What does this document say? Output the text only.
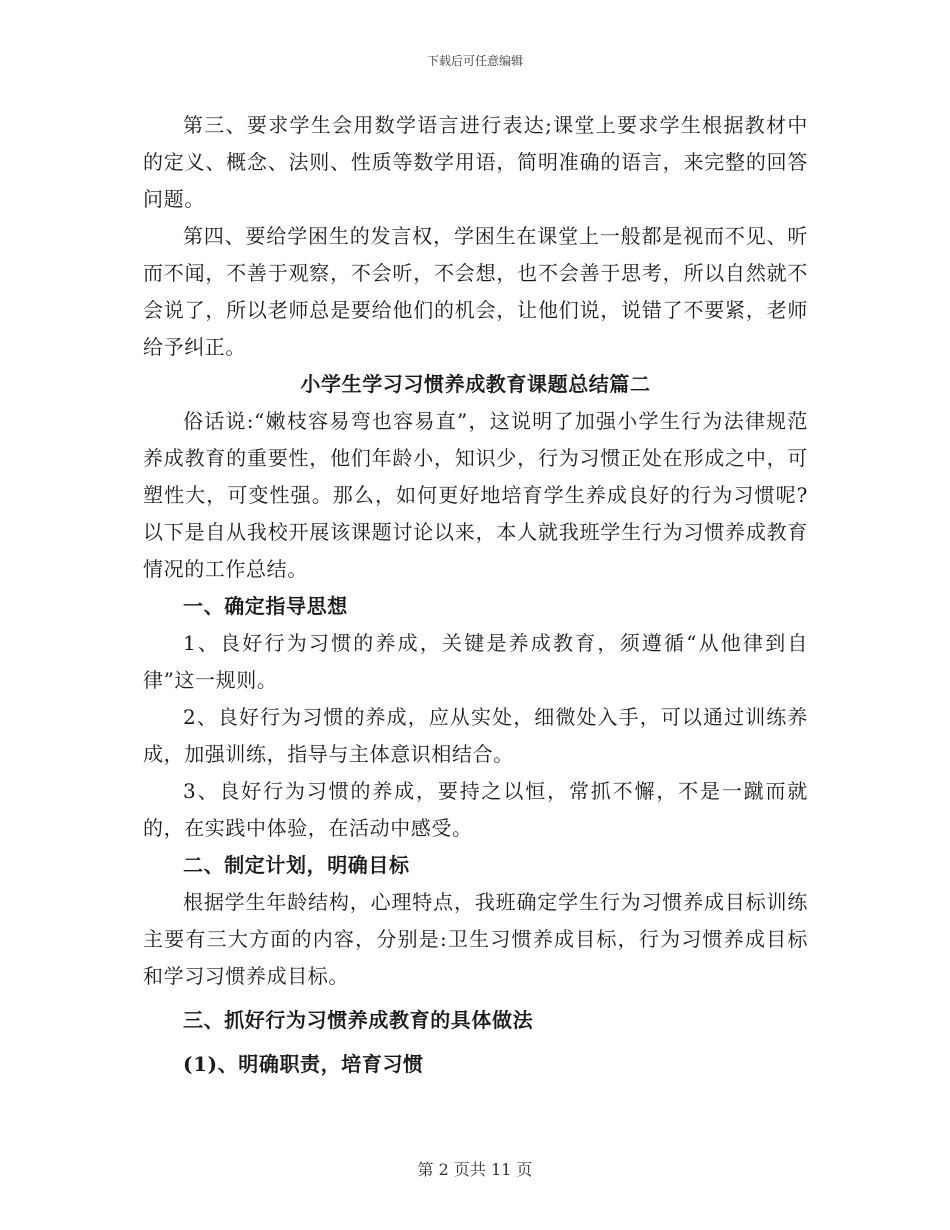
下载后可任意编辑

第三、要求学生会用数学语言进行表达;课堂上要求学生根据教材中的定义、概念、法则、性质等数学用语，简明准确的语言，来完整的回答问题。

第四、要给学困生的发言权，学困生在课堂上一般都是视而不见、听而不闻，不善于观察，不会听，不会想，也不会善于思考，所以自然就不会说了，所以老师总是要给他们的机会，让他们说，说错了不要紧，老师给予纠正。

小学生学习习惯养成教育课题总结篇二

俗话说:“嫩枝容易弯也容易直”，这说明了加强小学生行为法律规范养成教育的重要性，他们年龄小，知识少，行为习惯正处在形成之中，可塑性大，可变性强。那么，如何更好地培育学生养成良好的行为习惯呢?以下是自从我校开展该课题讨论以来，本人就我班学生行为习惯养成教育情况的工作总结。

一、确定指导思想

1、良好行为习惯的养成，关键是养成教育，须遵循“从他律到自律”这一规则。

2、良好行为习惯的养成，应从实处，细微处入手，可以通过训练养成，加强训练，指导与主体意识相结合。

3、良好行为习惯的养成，要持之以恒，常抓不懈，不是一蹴而就的，在实践中体验，在活动中感受。

二、制定计划，明确目标

根据学生年龄结构，心理特点，我班确定学生行为习惯养成目标训练主要有三大方面的内容，分别是:卫生习惯养成目标，行为习惯养成目标和学习习惯养成目标。

三、抓好行为习惯养成教育的具体做法

(1)、明确职责，培育习惯

第 2 页共 11 页
